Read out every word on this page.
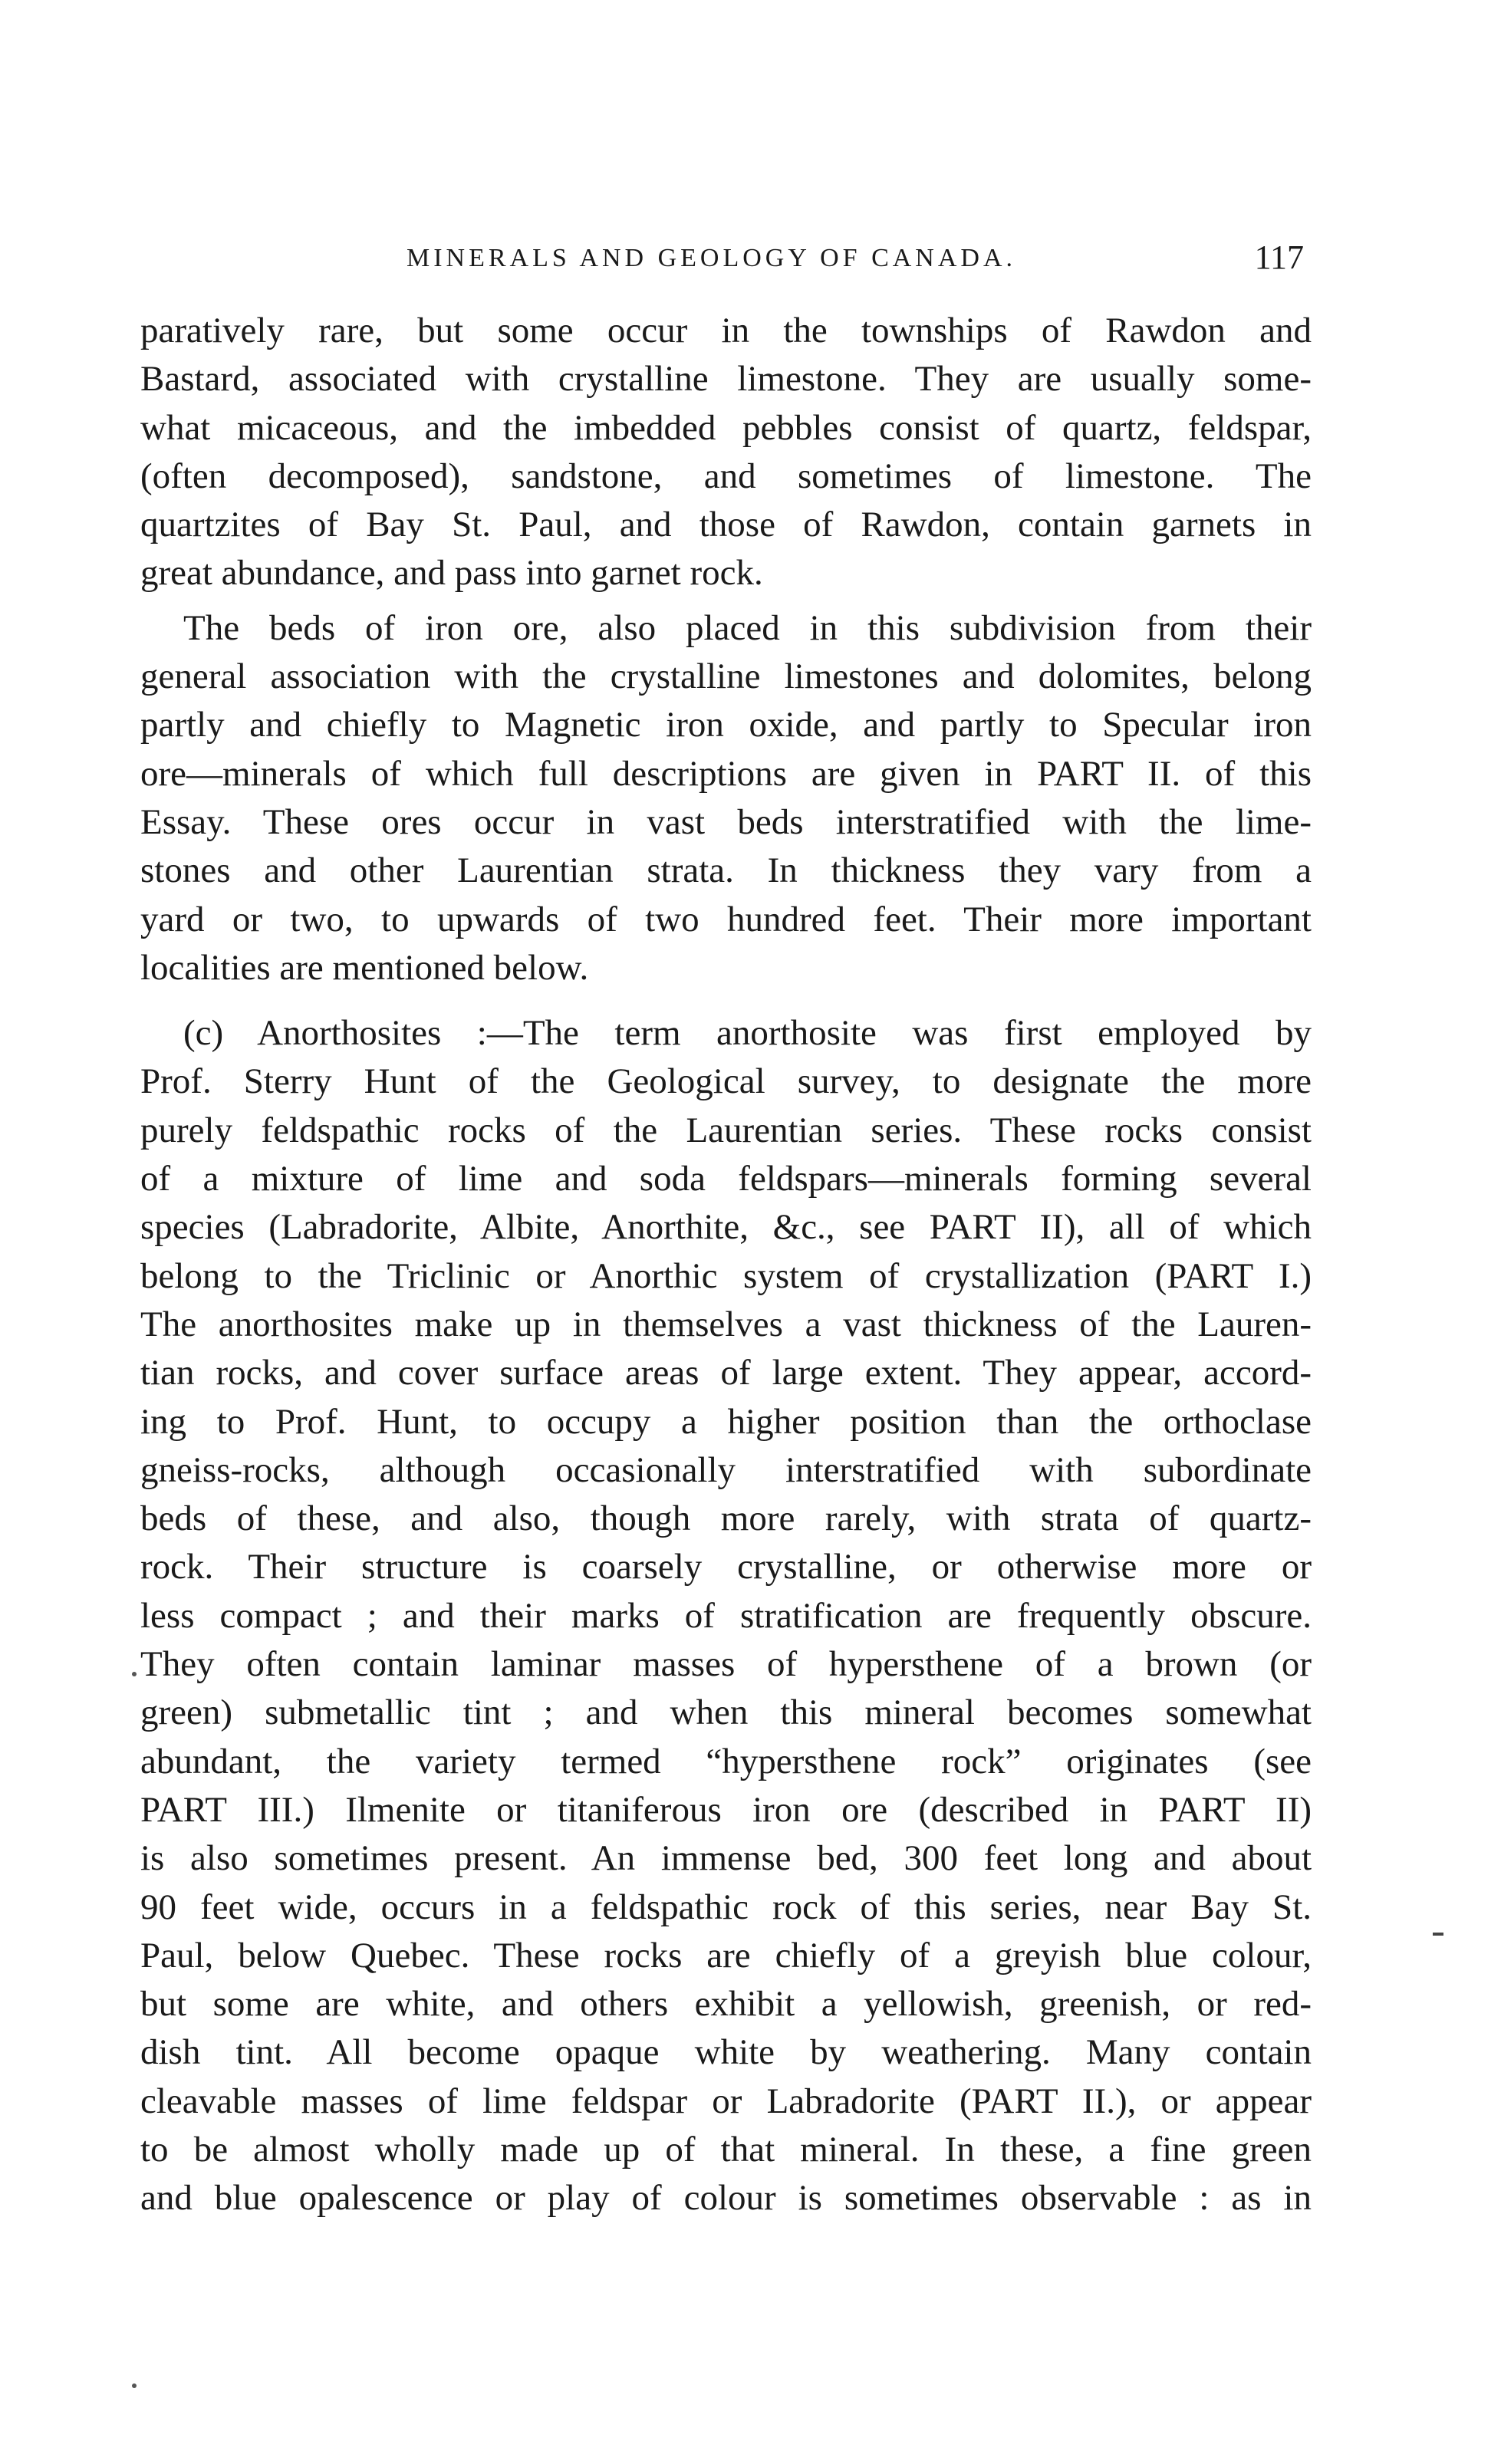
MINERALS AND GEOLOGY OF CANADA.	117
paratively rare, but some occur in the townships of Rawdon and
Bastard, associated with crystalline limestone. They are usually some-
what micaceous, and the imbedded pebbles consist of quartz, feldspar,
(often decomposed), sandstone, and sometimes of limestone. The
quartzites of Bay St. Paul, and those of Rawdon, contain garnets in
great abundance, and pass into garnet rock.
The beds of iron ore, also placed in this subdivision from their
general association with the crystalline limestones and dolomites, belong
partly and chiefly to Magnetic iron oxide, and partly to Specular iron
ore—minerals of which full descriptions are given in PART II. of this
Essay. These ores occur in vast beds interstratified with the lime-
stones and other Laurentian strata. In thickness they vary from a
yard or two, to upwards of two hundred feet. Their more important
localities are mentioned below.
(c) Anorthosites :—The term anorthosite was first employed by
Prof. Sterry Hunt of the Geological survey, to designate the more
purely feldspathic rocks of the Laurentian series. These rocks consist
of a mixture of lime and soda feldspars—minerals forming several
species (Labradorite, Albite, Anorthite, &c., see PART II), all of which
belong to the Triclinic or Anorthic system of crystallization (PART I.)
The anorthosites make up in themselves a vast thickness of the Lauren-
tian rocks, and cover surface areas of large extent. They appear, accord-
ing to Prof. Hunt, to occupy a higher position than the orthoclase
gneiss-rocks, although occasionally interstratified with subordinate
beds of these, and also, though more rarely, with strata of quartz-
rock. Their structure is coarsely crystalline, or otherwise more or
less compact ; and their marks of stratification are frequently obscure.
They often contain laminar masses of hypersthene of a brown (or
green) submetallic tint ; and when this mineral becomes somewhat
abundant, the variety termed “hypersthene rock” originates (see
PART III.) Ilmenite or titaniferous iron ore (described in PART II)
is also sometimes present. An immense bed, 300 feet long and about
90 feet wide, occurs in a feldspathic rock of this series, near Bay St.
Paul, below Quebec. These rocks are chiefly of a greyish blue colour,
but some are white, and others exhibit a yellowish, greenish, or red-
dish tint. All become opaque white by weathering. Many contain
cleavable masses of lime feldspar or Labradorite (PART II.), or appear
to be almost wholly made up of that mineral. In these, a fine green
and blue opalescence or play of colour is sometimes observable : as in
